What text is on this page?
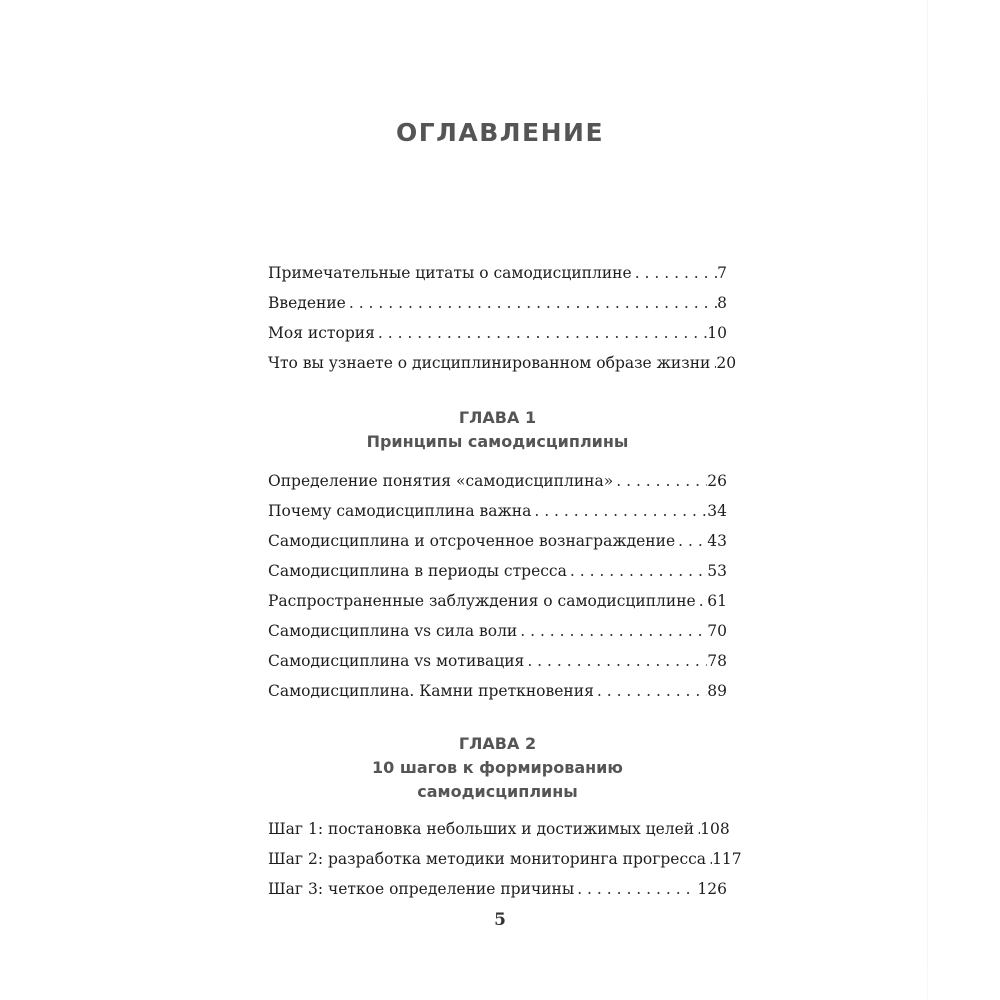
ОГЛАВЛЕНИЕ
Примечательные цитаты о самодисциплине . . .	7
Введение . . .	8
Моя история . . .	10
Что вы узнаете о дисциплинированном образе жизни . . . 20
ГЛАВА 1
Принципы самодисциплины
Определение понятия «самодисциплина» . . .	26
Почему самодисциплина важна . . .	34
Самодисциплина и отсроченное вознаграждение . . . 43
Самодисциплина в периоды стресса . . .	53
Распространенные заблуждения о самодисциплине . . . 61
Самодисциплина vs сила воли . . .	70
Самодисциплина vs мотивация . . .	78
Самодисциплина. Камни преткновения . . .	89
ГЛАВА 2
10 шагов к формированию
самодисциплины
Шаг 1: постановка небольших и достижимых целей . . . 108
Шаг 2: разработка методики мониторинга прогресса . . . 117
Шаг 3: четкое определение причины . . .	126
5
